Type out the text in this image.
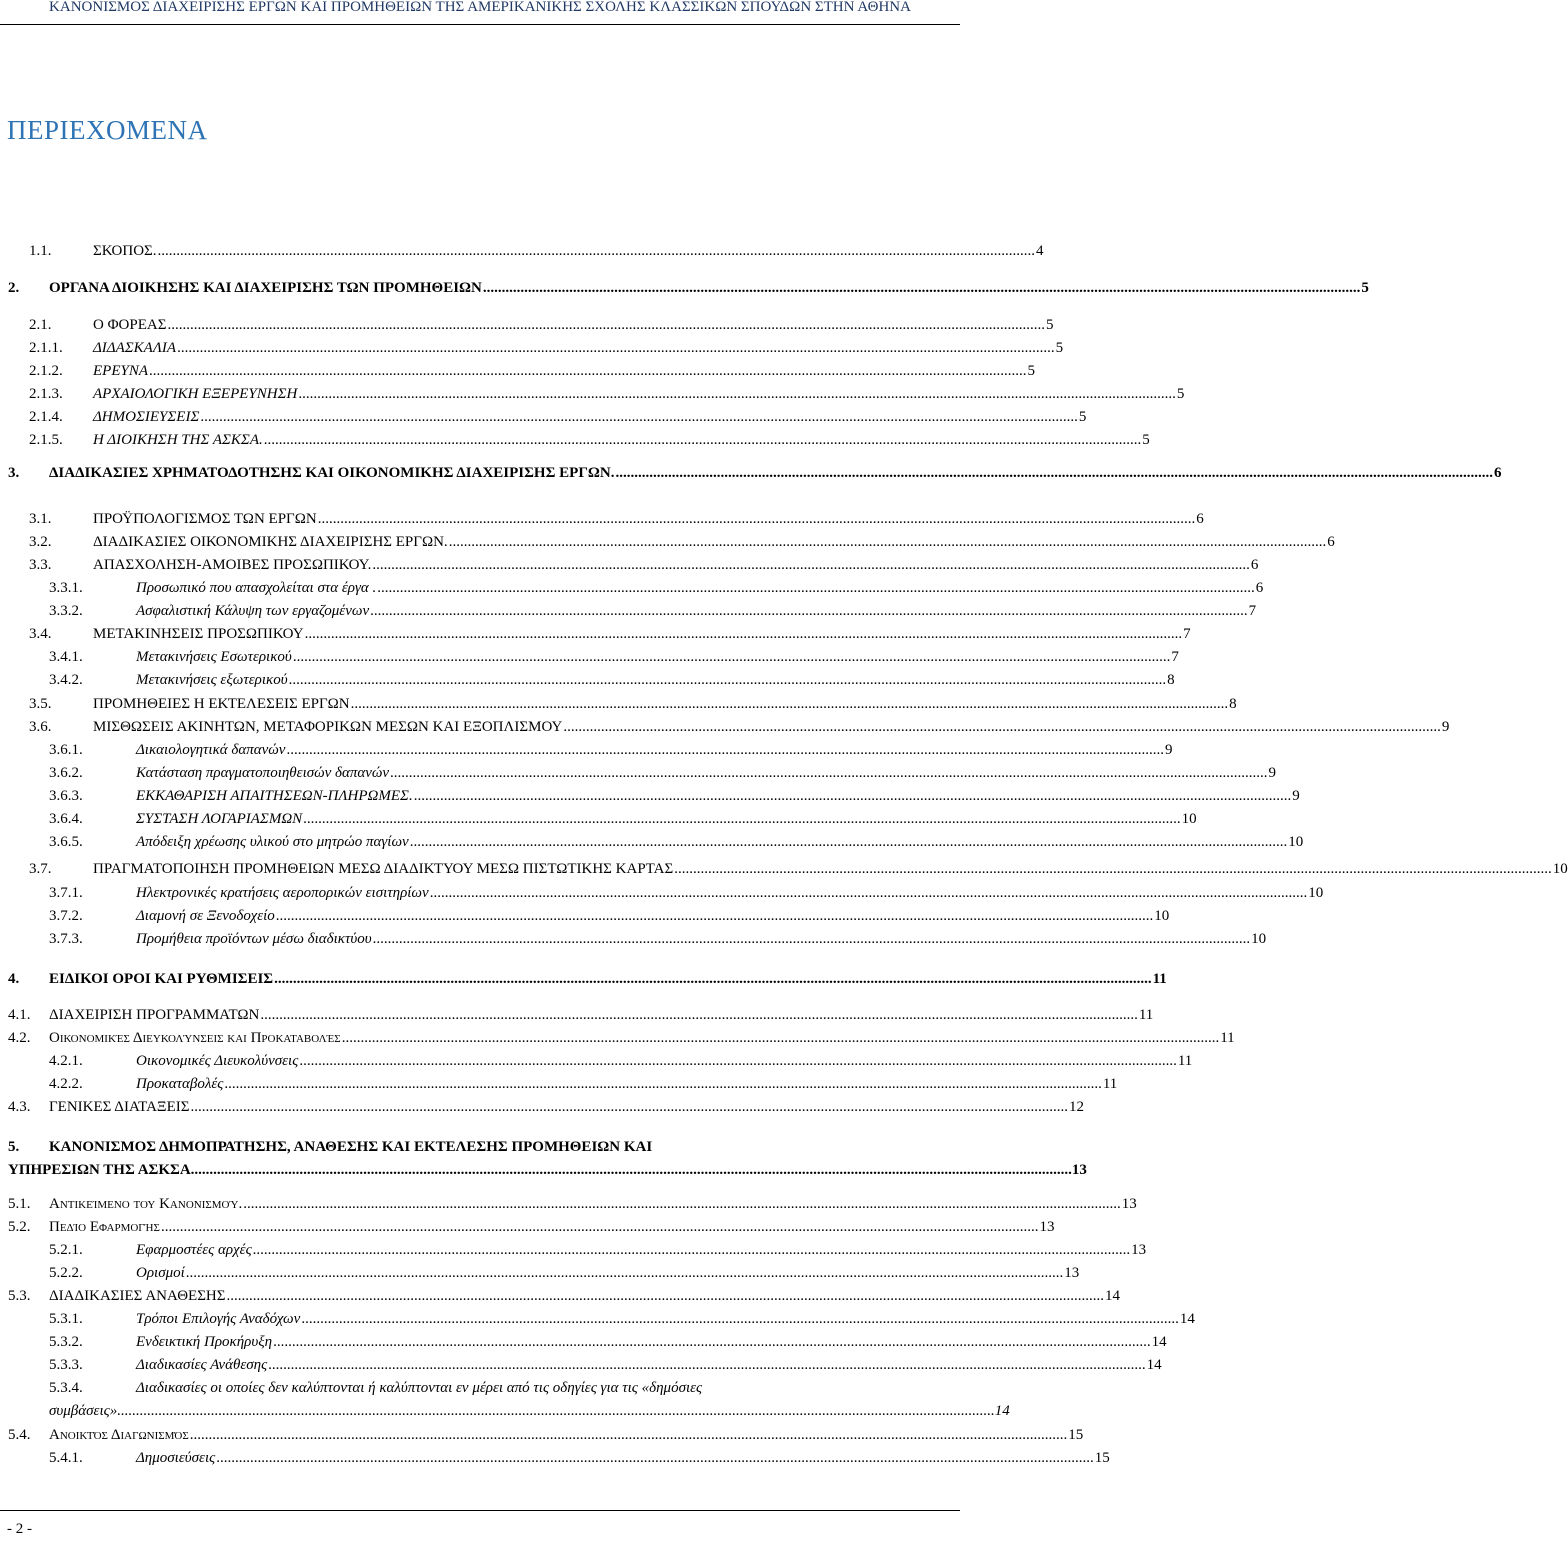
ΚΑΝΟΝΙΣΜΟΣ ΔΙΑΧΕΙΡΙΣΗΣ ΕΡΓΩΝ ΚΑΙ ΠΡΟΜΗΘΕΙΩΝ ΤΗΣ ΑΜΕΡΙΚΑΝΙΚΗΣ ΣΧΟΛΗΣ ΚΛΑΣΣΙΚΩΝ ΣΠΟΥΔΩΝ ΣΤΗΝ ΑΘΗΝΑ
ΠΕΡΙΕΧΟΜΕΝΑ
1.1.	ΣΚΟΠΟΣ. .......................................................................................................................................................................................................................................... 4
2. ΟΡΓΑΝΑ ΔΙΟΙΚΗΣΗΣ ΚΑΙ ΔΙΑΧΕΙΡΙΣΗΣ ΤΩΝ ΠΡΟΜΗΘΕΙΩΝ .......................................................................................................................................................................................................................................... 5
2.1.	Ο ΦΟΡΕΑΣ .......................................................................................................................................................................................................................................... 5
2.1.1. ΔΙΔΑΣΚΑΛΙΑ .......................................................................................................................................................................................................................................... 5
2.1.2. ΕΡΕΥΝΑ .......................................................................................................................................................................................................................................... 5
2.1.3. ΑΡΧΑΙΟΛΟΓΙΚΗ ΕΞΕΡΕΥΝΗΣΗ .......................................................................................................................................................................................................................................... 5
2.1.4. ΔΗΜΟΣΙΕΥΣΕΙΣ .......................................................................................................................................................................................................................................... 5
2.1.5. Η ΔΙΟΙΚΗΣΗ ΤΗΣ ΑΣΚΣΑ. .......................................................................................................................................................................................................................................... 5
3. ΔΙΑΔΙΚΑΣΙΕΣ ΧΡΗΜΑΤΟΔΟΤΗΣΗΣ ΚΑΙ ΟΙΚΟΝΟΜΙΚΗΣ ΔΙΑΧΕΙΡΙΣΗΣ ΕΡΓΩΝ. .......................................................................................................................................................................................................................................... 6
3.1.	ΠΡΟΫΠΟΛΟΓΙΣΜΟΣ ΤΩΝ ΕΡΓΩΝ .......................................................................................................................................................................................................................................... 6
3.2.	ΔΙΑΔΙΚΑΣΙΕΣ ΟΙΚΟΝΟΜΙΚΗΣ ΔΙΑΧΕΙΡΙΣΗΣ ΕΡΓΩΝ. .......................................................................................................................................................................................................................................... 6
3.3.	ΑΠΑΣΧΟΛΗΣΗ-ΑΜΟΙΒΕΣ ΠΡΟΣΩΠΙΚΟΥ. .......................................................................................................................................................................................................................................... 6
3.3.1.	Προσωπικό που απασχολείται στα έργα . .......................................................................................................................................................................................................................................... 6
3.3.2.	Ασφαλιστική Κάλυψη των εργαζομένων .......................................................................................................................................................................................................................................... 7
3.4.	ΜΕΤΑΚΙΝΗΣΕΙΣ ΠΡΟΣΩΠΙΚΟΥ .......................................................................................................................................................................................................................................... 7
3.4.1.	Μετακινήσεις Εσωτερικού .......................................................................................................................................................................................................................................... 7
3.4.2.	Μετακινήσεις εξωτερικού .......................................................................................................................................................................................................................................... 8
3.5.	ΠΡΟΜΗΘΕΙΕΣ Η ΕΚΤΕΛΕΣΕΙΣ ΕΡΓΩΝ .......................................................................................................................................................................................................................................... 8
3.6.	ΜΙΣΘΩΣΕΙΣ ΑΚΙΝΗΤΩΝ, ΜΕΤΑΦΟΡΙΚΩΝ ΜΕΣΩΝ ΚΑΙ ΕΞΟΠΛΙΣΜΟΥ .......................................................................................................................................................................................................................................... 9
3.6.1.	Δικαιολογητικά δαπανών .......................................................................................................................................................................................................................................... 9
3.6.2.	Κατάσταση πραγματοποιηθεισών δαπανών .......................................................................................................................................................................................................................................... 9
3.6.3.	ΕΚΚΑΘΑΡΙΣΗ ΑΠΑΙΤΗΣΕΩΝ-ΠΛΗΡΩΜΕΣ. .......................................................................................................................................................................................................................................... 9
3.6.4.	ΣΥΣΤΑΣΗ ΛΟΓΑΡΙΑΣΜΩΝ .......................................................................................................................................................................................................................................... 10
3.6.5.	Απόδειξη χρέωσης υλικού στο μητρώο παγίων .......................................................................................................................................................................................................................................... 10
3.7.	ΠΡΑΓΜΑΤΟΠΟΙΗΣΗ ΠΡΟΜΗΘΕΙΩΝ ΜΕΣΩ ΔΙΑΔΙΚΤΥΟΥ ΜΕΣΩ ΠΙΣΤΩΤΙΚΗΣ ΚΑΡΤΑΣ .......................................................................................................................................................................................................................................... 10
3.7.1.	Ηλεκτρονικές κρατήσεις αεροπορικών εισιτηρίων .......................................................................................................................................................................................................................................... 10
3.7.2.	Διαμονή σε Ξενοδοχείο .......................................................................................................................................................................................................................................... 10
3.7.3.	Προμήθεια προϊόντων μέσω διαδικτύου .......................................................................................................................................................................................................................................... 10
4. ΕΙΔΙΚΟΙ ΟΡΟΙ ΚΑΙ ΡΥΘΜΙΣΕΙΣ .......................................................................................................................................................................................................................................... 11
4.1. ΔΙΑΧΕΙΡΙΣΗ ΠΡΟΓΡΑΜΜΑΤΩΝ .......................................................................................................................................................................................................................................... 11
4.2. Οικονομικές Διευκολύνσεις και Προκαταβολές .......................................................................................................................................................................................................................................... 11
4.2.1.	Οικονομικές Διευκολύνσεις .......................................................................................................................................................................................................................................... 11
4.2.2.	Προκαταβολές .......................................................................................................................................................................................................................................... 11
4.3. ΓΕΝΙΚΕΣ ΔΙΑΤΑΞΕΙΣ .......................................................................................................................................................................................................................................... 12
5. ΚΑΝΟΝΙΣΜΟΣ ΔΗΜΟΠΡΑΤΗΣΗΣ, ΑΝΑΘΕΣΗΣ ΚΑΙ ΕΚΤΕΛΕΣΗΣ ΠΡΟΜΗΘΕΙΩΝ ΚΑΙ
ΥΠΗΡΕΣΙΩΝ ΤΗΣ ΑΣΚΣΑ. .......................................................................................................................................................................................................................................... 13
5.1. Αντικείμενο του Κανονισμού. .......................................................................................................................................................................................................................................... 13
5.2. Πεδίο Εφαρμογής .......................................................................................................................................................................................................................................... 13
5.2.1.	Εφαρμοστέες αρχές .......................................................................................................................................................................................................................................... 13
5.2.2.	Ορισμοί .......................................................................................................................................................................................................................................... 13
5.3. ΔΙΑΔΙΚΑΣΙΕΣ ΑΝΑΘΕΣΗΣ .......................................................................................................................................................................................................................................... 14
5.3.1.	Τρόποι Επιλογής Αναδόχων .......................................................................................................................................................................................................................................... 14
5.3.2.	Ενδεικτική Προκήρυξη .......................................................................................................................................................................................................................................... 14
5.3.3.	Διαδικασίες Ανάθεσης .......................................................................................................................................................................................................................................... 14
5.3.4.	Διαδικασίες οι οποίες δεν καλύπτονται ή καλύπτονται εν μέρει από τις οδηγίες για τις «δημόσιες
συμβάσεις» .......................................................................................................................................................................................................................................... 14
5.4. Ανοικτός Διαγωνισμός .......................................................................................................................................................................................................................................... 15
5.4.1.	Δημοσιεύσεις .......................................................................................................................................................................................................................................... 15
- 2 -
